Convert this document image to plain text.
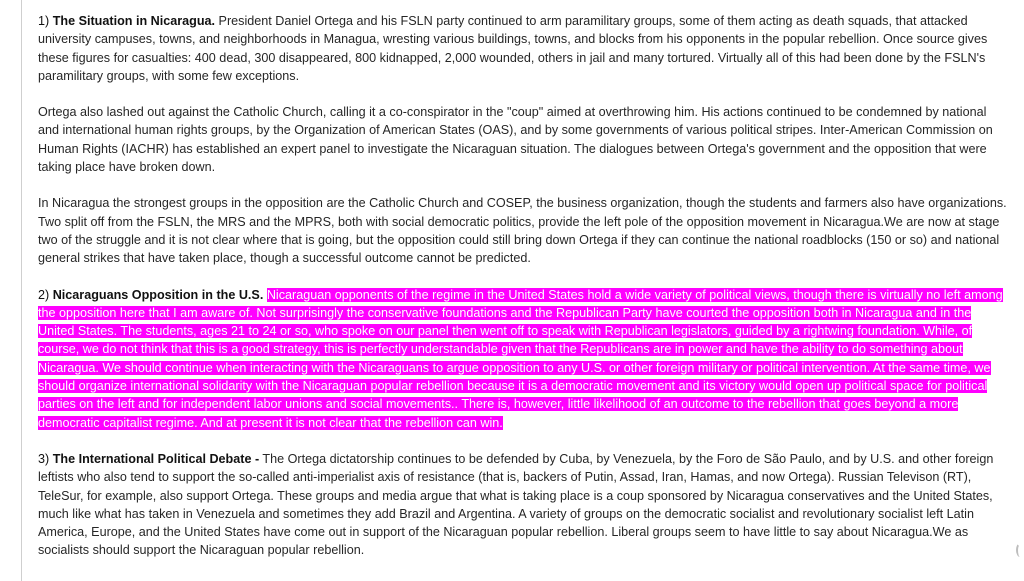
1) The Situation in Nicaragua. President Daniel Ortega and his FSLN party continued to arm paramilitary groups, some of them acting as death squads, that attacked university campuses, towns, and neighborhoods in Managua, wresting various buildings, towns, and blocks from his opponents in the popular rebellion. Once source gives these figures for casualties: 400 dead, 300 disappeared, 800 kidnapped, 2,000 wounded, others in jail and many tortured. Virtually all of this had been done by the FSLN's paramilitary groups, with some few exceptions.

Ortega also lashed out against the Catholic Church, calling it a co-conspirator in the "coup" aimed at overthrowing him. His actions continued to be condemned by national and international human rights groups, by the Organization of American States (OAS), and by some governments of various political stripes. Inter-American Commission on Human Rights (IACHR) has established an expert panel to investigate the Nicaraguan situation. The dialogues between Ortega's government and the opposition that were taking place have broken down.

In Nicaragua the strongest groups in the opposition are the Catholic Church and COSEP, the business organization, though the students and farmers also have organizations. Two split off from the FSLN, the MRS and the MPRS, both with social democratic politics, provide the left pole of the opposition movement in Nicaragua.We are now at stage two of the struggle and it is not clear where that is going, but the opposition could still bring down Ortega if they can continue the national roadblocks (150 or so) and national general strikes that have taken place, though a successful outcome cannot be predicted.

2) Nicaraguans Opposition in the U.S. Nicaraguan opponents of the regime in the United States hold a wide variety of political views, though there is virtually no left among the opposition here that I am aware of. Not surprisingly the conservative foundations and the Republican Party have courted the opposition both in Nicaragua and in the United States. The students, ages 21 to 24 or so, who spoke on our panel then went off to speak with Republican legislators, guided by a rightwing foundation. While, of course, we do not think that this is a good strategy, this is perfectly understandable given that the Republicans are in power and have the ability to do something about Nicaragua. We should continue when interacting with the Nicaraguans to argue opposition to any U.S. or other foreign military or political intervention. At the same time, we should organize international solidarity with the Nicaraguan popular rebellion because it is a democratic movement and its victory would open up political space for political parties on the left and for independent labor unions and social movements.. There is, however, little likelihood of an outcome to the rebellion that goes beyond a more democratic capitalist regime. And at present it is not clear that the rebellion can win.

3) The International Political Debate - The Ortega dictatorship continues to be defended by Cuba, by Venezuela, by the Foro de São Paulo, and by U.S. and other foreign leftists who also tend to support the so-called anti-imperialist axis of resistance (that is, backers of Putin, Assad, Iran, Hamas, and now Ortega). Russian Televison (RT), TeleSur, for example, also support Ortega. These groups and media argue that what is taking place is a coup sponsored by Nicaragua conservatives and the United States, much like what has taken in Venezuela and sometimes they add Brazil and Argentina. A variety of groups on the democratic socialist and revolutionary socialist left Latin America, Europe, and the United States have come out in support of the Nicaraguan popular rebellion. Liberal groups seem to have little to say about Nicaragua.We as socialists should support the Nicaraguan popular rebellion.
